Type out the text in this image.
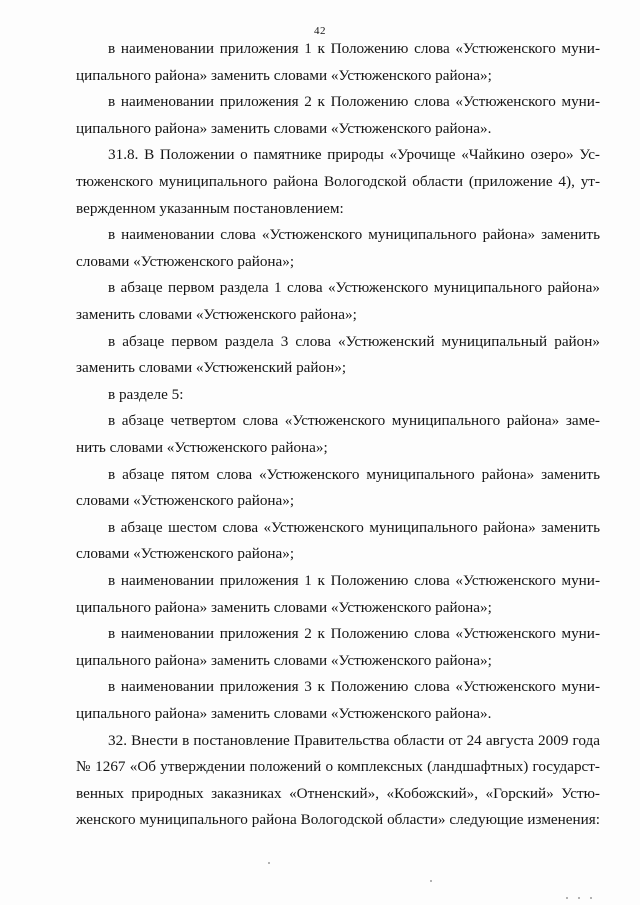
42
в наименовании приложения 1 к Положению слова «Устюженского муни-
ципального района» заменить словами «Устюженского района»;
в наименовании приложения 2 к Положению слова «Устюженского муни-
ципального района» заменить словами «Устюженского района».
31.8. В Положении о памятнике природы «Урочище «Чайкино озеро» Ус-
тюженского муниципального района Вологодской области (приложение 4), ут-
вержденном указанным постановлением:
в наименовании слова «Устюженского муниципального района» заменить
словами «Устюженского района»;
в абзаце первом раздела 1 слова «Устюженского муниципального района»
заменить словами «Устюженского района»;
в абзаце первом раздела 3 слова «Устюженский муниципальный район»
заменить словами «Устюженский район»;
в разделе 5:
в абзаце четвертом слова «Устюженского муниципального района» заме-
нить словами «Устюженского района»;
в абзаце пятом слова «Устюженского муниципального района» заменить
словами «Устюженского района»;
в абзаце шестом слова «Устюженского муниципального района» заменить
словами «Устюженского района»;
в наименовании приложения 1 к Положению слова «Устюженского муни-
ципального района» заменить словами «Устюженского района»;
в наименовании приложения 2 к Положению слова «Устюженского муни-
ципального района» заменить словами «Устюженского района»;
в наименовании приложения 3 к Положению слова «Устюженского муни-
ципального района» заменить словами «Устюженского района».
32. Внести в постановление Правительства области от 24 августа 2009 года
№ 1267 «Об утверждении положений о комплексных (ландшафтных) государст-
венных природных заказниках «Отненский», «Кобожский», «Горский» Устю-
женского муниципального района Вологодской области» следующие изменения:
